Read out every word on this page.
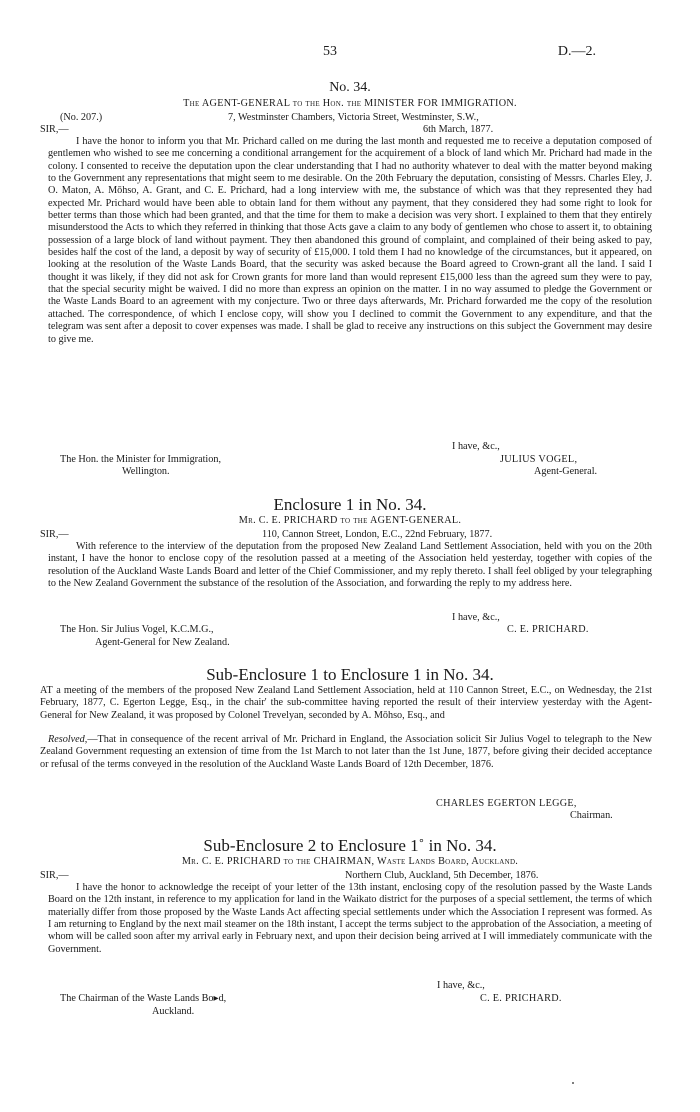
53	D.—2.
No. 34.
The AGENT-GENERAL to the Hon. the MINISTER FOR IMMIGRATION.
(No. 207.)	7, Westminster Chambers, Victoria Street, Westminster, S.W.,
SIR,—	6th March, 1877.
I have the honor to inform you that Mr. Prichard called on me during the last month and requested me to receive a deputation composed of gentlemen who wished to see me concerning a conditional arrangement for the acquirement of a block of land which Mr. Prichard had made in the colony. I consented to receive the deputation upon the clear understanding that I had no authority whatever to deal with the matter beyond making to the Government any representations that might seem to me desirable. On the 20th February the deputation, consisting of Messrs. Charles Eley, J. O. Maton, A. Mōhso, A. Grant, and C. E. Prichard, had a long interview with me, the substance of which was that they represented they had expected Mr. Prichard would have been able to obtain land for them without any payment, that they considered they had some right to look for better terms than those which had been granted, and that the time for them to make a decision was very short. I explained to them that they entirely misunderstood the Acts to which they referred in thinking that those Acts gave a claim to any body of gentlemen who chose to assert it, to obtaining possession of a large block of land without payment. They then abandoned this ground of complaint, and complained of their being asked to pay, besides half the cost of the land, a deposit by way of security of £15,000. I told them I had no knowledge of the circumstances, but it appeared, on looking at the resolution of the Waste Lands Board, that the security was asked because the Board agreed to Crown-grant all the land. I said I thought it was likely, if they did not ask for Crown grants for more land than would represent £15,000 less than the agreed sum they were to pay, that the special security might be waived. I did no more than express an opinion on the matter. I in no way assumed to pledge the Government or the Waste Lands Board to an agreement with my conjecture. Two or three days afterwards, Mr. Prichard forwarded me the copy of the resolution attached. The correspondence, of which I enclose copy, will show you I declined to commit the Government to any expenditure, and that the telegram was sent after a deposit to cover expenses was made. I shall be glad to receive any instructions on this subject the Government may desire to give me.
I have, &c.,
The Hon. the Minister for Immigration,	JULIUS VOGEL,
Wellington.	Agent-General.
Enclosure 1 in No. 34.
Mr. C. E. PRICHARD to the AGENT-GENERAL.
SIR,—	110, Cannon Street, London, E.C., 22nd February, 1877.
With reference to the interview of the deputation from the proposed New Zealand Land Settlement Association, held with you on the 20th instant, I have the honor to enclose copy of the resolution passed at a meeting of the Association held yesterday, together with copies of the resolution of the Auckland Waste Lands Board and letter of the Chief Commissioner, and my reply thereto. I shall feel obliged by your telegraphing to the New Zealand Government the substance of the resolution of the Association, and forwarding the reply to my address here.
I have, &c.,
The Hon. Sir Julius Vogel, K.C.M.G.,	C. E. PRICHARD.
Agent-General for New Zealand.
Sub-Enclosure 1 to Enclosure 1 in No. 34.
AT a meeting of the members of the proposed New Zealand Land Settlement Association, held at 110 Cannon Street, E.C., on Wednesday, the 21st February, 1877, C. Egerton Legge, Esq., in the chair' the sub-committee having reported the result of their interview yesterday with the Agent-General for New Zealand, it was proposed by Colonel Trevelyan, seconded by A. Mōhso, Esq., and
Resolved,—That in consequence of the recent arrival of Mr. Prichard in England, the Association solicit Sir Julius Vogel to telegraph to the New Zealand Government requesting an extension of time from the 1st March to not later than the 1st June, 1877, before giving their decided acceptance or refusal of the terms conveyed in the resolution of the Auckland Waste Lands Board of 12th December, 1876.
CHARLES EGERTON LEGGE,
Chairman.
Sub-Enclosure 2 to Enclosure 1˚ in No. 34.
Mr. C. E. PRICHARD to the CHAIRMAN, Waste Lands Board, Auckland.
SIR,—	Northern Club, Auckland, 5th December, 1876.
I have the honor to acknowledge the receipt of your letter of the 13th instant, enclosing copy of the resolution passed by the Waste Lands Board on the 12th instant, in reference to my application for land in the Waikato district for the purposes of a special settlement, the terms of which materially differ from those proposed by the Waste Lands Act affecting special settlements under which the Association I represent was formed. As I am returning to England by the next mail steamer on the 18th instant, I accept the terms subject to the approbation of the Association, a meeting of whom will be called soon after my arrival early in February next, and upon their decision being arrived at I will immediately communicate with the Government.
I have, &c.,
The Chairman of the Waste Lands Bo▸d,	C. E. PRICHARD.
Auckland.
